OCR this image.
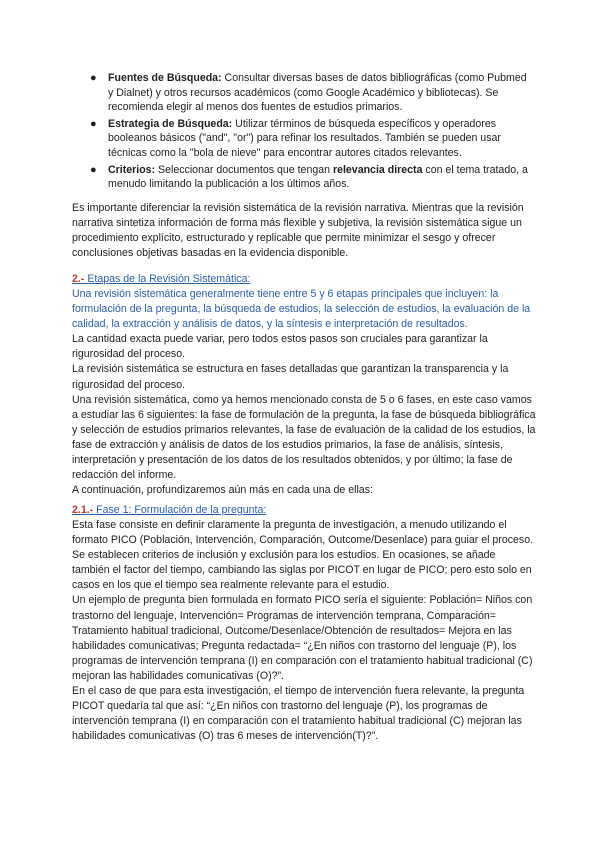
● Fuentes de Búsqueda: Consultar diversas bases de datos bibliográficas (como Pubmed y Dialnet) y otros recursos académicos (como Google Académico y bibliotecas). Se recomienda elegir al menos dos fuentes de estudios primarios.
● Estrategia de Búsqueda: Utilizar términos de búsqueda específicos y operadores booleanos básicos ("and", "or") para refinar los resultados. También se pueden usar técnicas como la "bola de nieve" para encontrar autores citados relevantes.
● Criterios: Seleccionar documentos que tengan relevancia directa con el tema tratado, a menudo limitando la publicación a los últimos años.

Es importante diferenciar la revisión sistemática de la revisión narrativa. Mientras que la revisión narrativa sintetiza información de forma más flexible y subjetiva, la revisión sistemática sigue un procedimiento explícito, estructurado y replicable que permite minimizar el sesgo y ofrecer conclusiones objetivas basadas en la evidencia disponible.

2.- Etapas de la Revisión Sistemática:

Una revisión sistemática generalmente tiene entre 5 y 6 etapas principales que incluyen: la formulación de la pregunta, la búsqueda de estudios, la selección de estudios, la evaluación de la calidad, la extracción y análisis de datos, y la síntesis e interpretación de resultados.

La cantidad exacta puede variar, pero todos estos pasos son cruciales para garantizar la rigurosidad del proceso.

La revisión sistemática se estructura en fases detalladas que garantizan la transparencia y la rigurosidad del proceso.

Una revisión sistemática, como ya hemos mencionado consta de 5 o 6 fases, en este caso vamos a estudiar las 6 siguientes: la fase de formulación de la pregunta, la fase de búsqueda bibliográfica y selección de estudios primarios relevantes, la fase de evaluación de la calidad de los estudios, la fase de extracción y análisis de datos de los estudios primarios, la fase de análisis, síntesis, interpretación y presentación de los datos de los resultados obtenidos, y por último; la fase de redacción del informe.

A continuación, profundizaremos aún más en cada una de ellas:

2.1.- Fase 1: Formulación de la pregunta:

Esta fase consiste en definir claramente la pregunta de investigación, a menudo utilizando el formato PICO (Población, Intervención, Comparación, Outcome/Desenlace) para guiar el proceso. Se establecen criterios de inclusión y exclusión para los estudios. En ocasiones, se añade también el factor del tiempo, cambiando las siglas por PICOT en lugar de PICO; pero esto solo en casos en los que el tiempo sea realmente relevante para el estudio.

Un ejemplo de pregunta bien formulada en formato PICO sería el siguiente: Población= Niños con trastorno del lenguaje, Intervención= Programas de intervención temprana, Comparación= Tratamiento habitual tradicional, Outcome/Desenlace/Obtención de resultados= Mejora en las habilidades comunicativas; Pregunta redactada= “¿En niños con trastorno del lenguaje (P), los programas de intervención temprana (I) en comparación con el tratamiento habitual tradicional (C) mejoran las habilidades comunicativas (O)?”.

En el caso de que para esta investigación, el tiempo de intervención fuera relevante, la pregunta PICOT quedaría tal que así: “¿En niños con trastorno del lenguaje (P), los programas de intervención temprana (I) en comparación con el tratamiento habitual tradicional (C) mejoran las habilidades comunicativas (O) tras 6 meses de intervención(T)?”.
